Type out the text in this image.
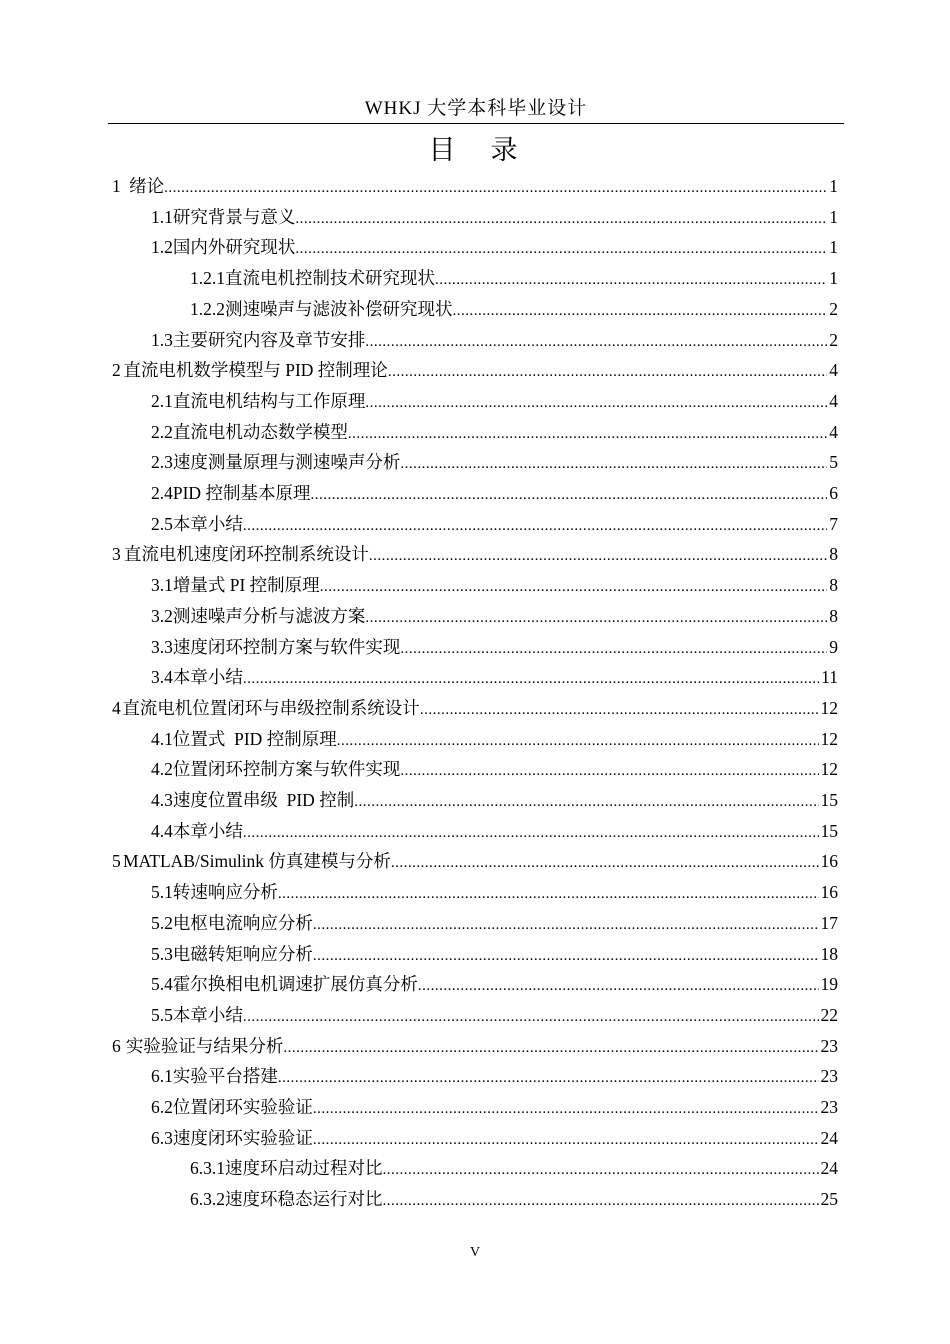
WHKJ 大学本科毕业设计
目　录
1 绪论 .....	1
1.1 研究背景与意义 .....	1
1.2 国内外研究现状 .....	1
1.2.1 直流电机控制技术研究现状 .....	1
1.2.2 测速噪声与滤波补偿研究现状 .....	2
1.3 主要研究内容及章节安排 .....	2
2 直流电机数学模型与 PID 控制理论 .....	4
2.1 直流电机结构与工作原理 .....	4
2.2 直流电机动态数学模型 .....	4
2.3 速度测量原理与测速噪声分析 .....	5
2.4 PID 控制基本原理 .....	6
2.5 本章小结 .....	7
3 直流电机速度闭环控制系统设计 .....	8
3.1 增量式 PI 控制原理 .....	8
3.2 测速噪声分析与滤波方案 .....	8
3.3 速度闭环控制方案与软件实现 .....	9
3.4 本章小结 .....	11
4 直流电机位置闭环与串级控制系统设计 .....	12
4.1 位置式  PID 控制原理 .....	12
4.2 位置闭环控制方案与软件实现 .....	12
4.3 速度位置串级  PID 控制 .....	15
4.4 本章小结 .....	15
5 MATLAB/Simulink 仿真建模与分析 .....	16
5.1 转速响应分析 .....	16
5.2 电枢电流响应分析 .....	17
5.3 电磁转矩响应分析 .....	18
5.4 霍尔换相电机调速扩展仿真分析 .....	19
5.5 本章小结 .....	22
6 实验验证与结果分析 .....	23
6.1 实验平台搭建 .....	23
6.2 位置闭环实验验证 .....	23
6.3 速度闭环实验验证 .....	24
6.3.1 速度环启动过程对比 .....	24
6.3.2 速度环稳态运行对比 .....	25
V
